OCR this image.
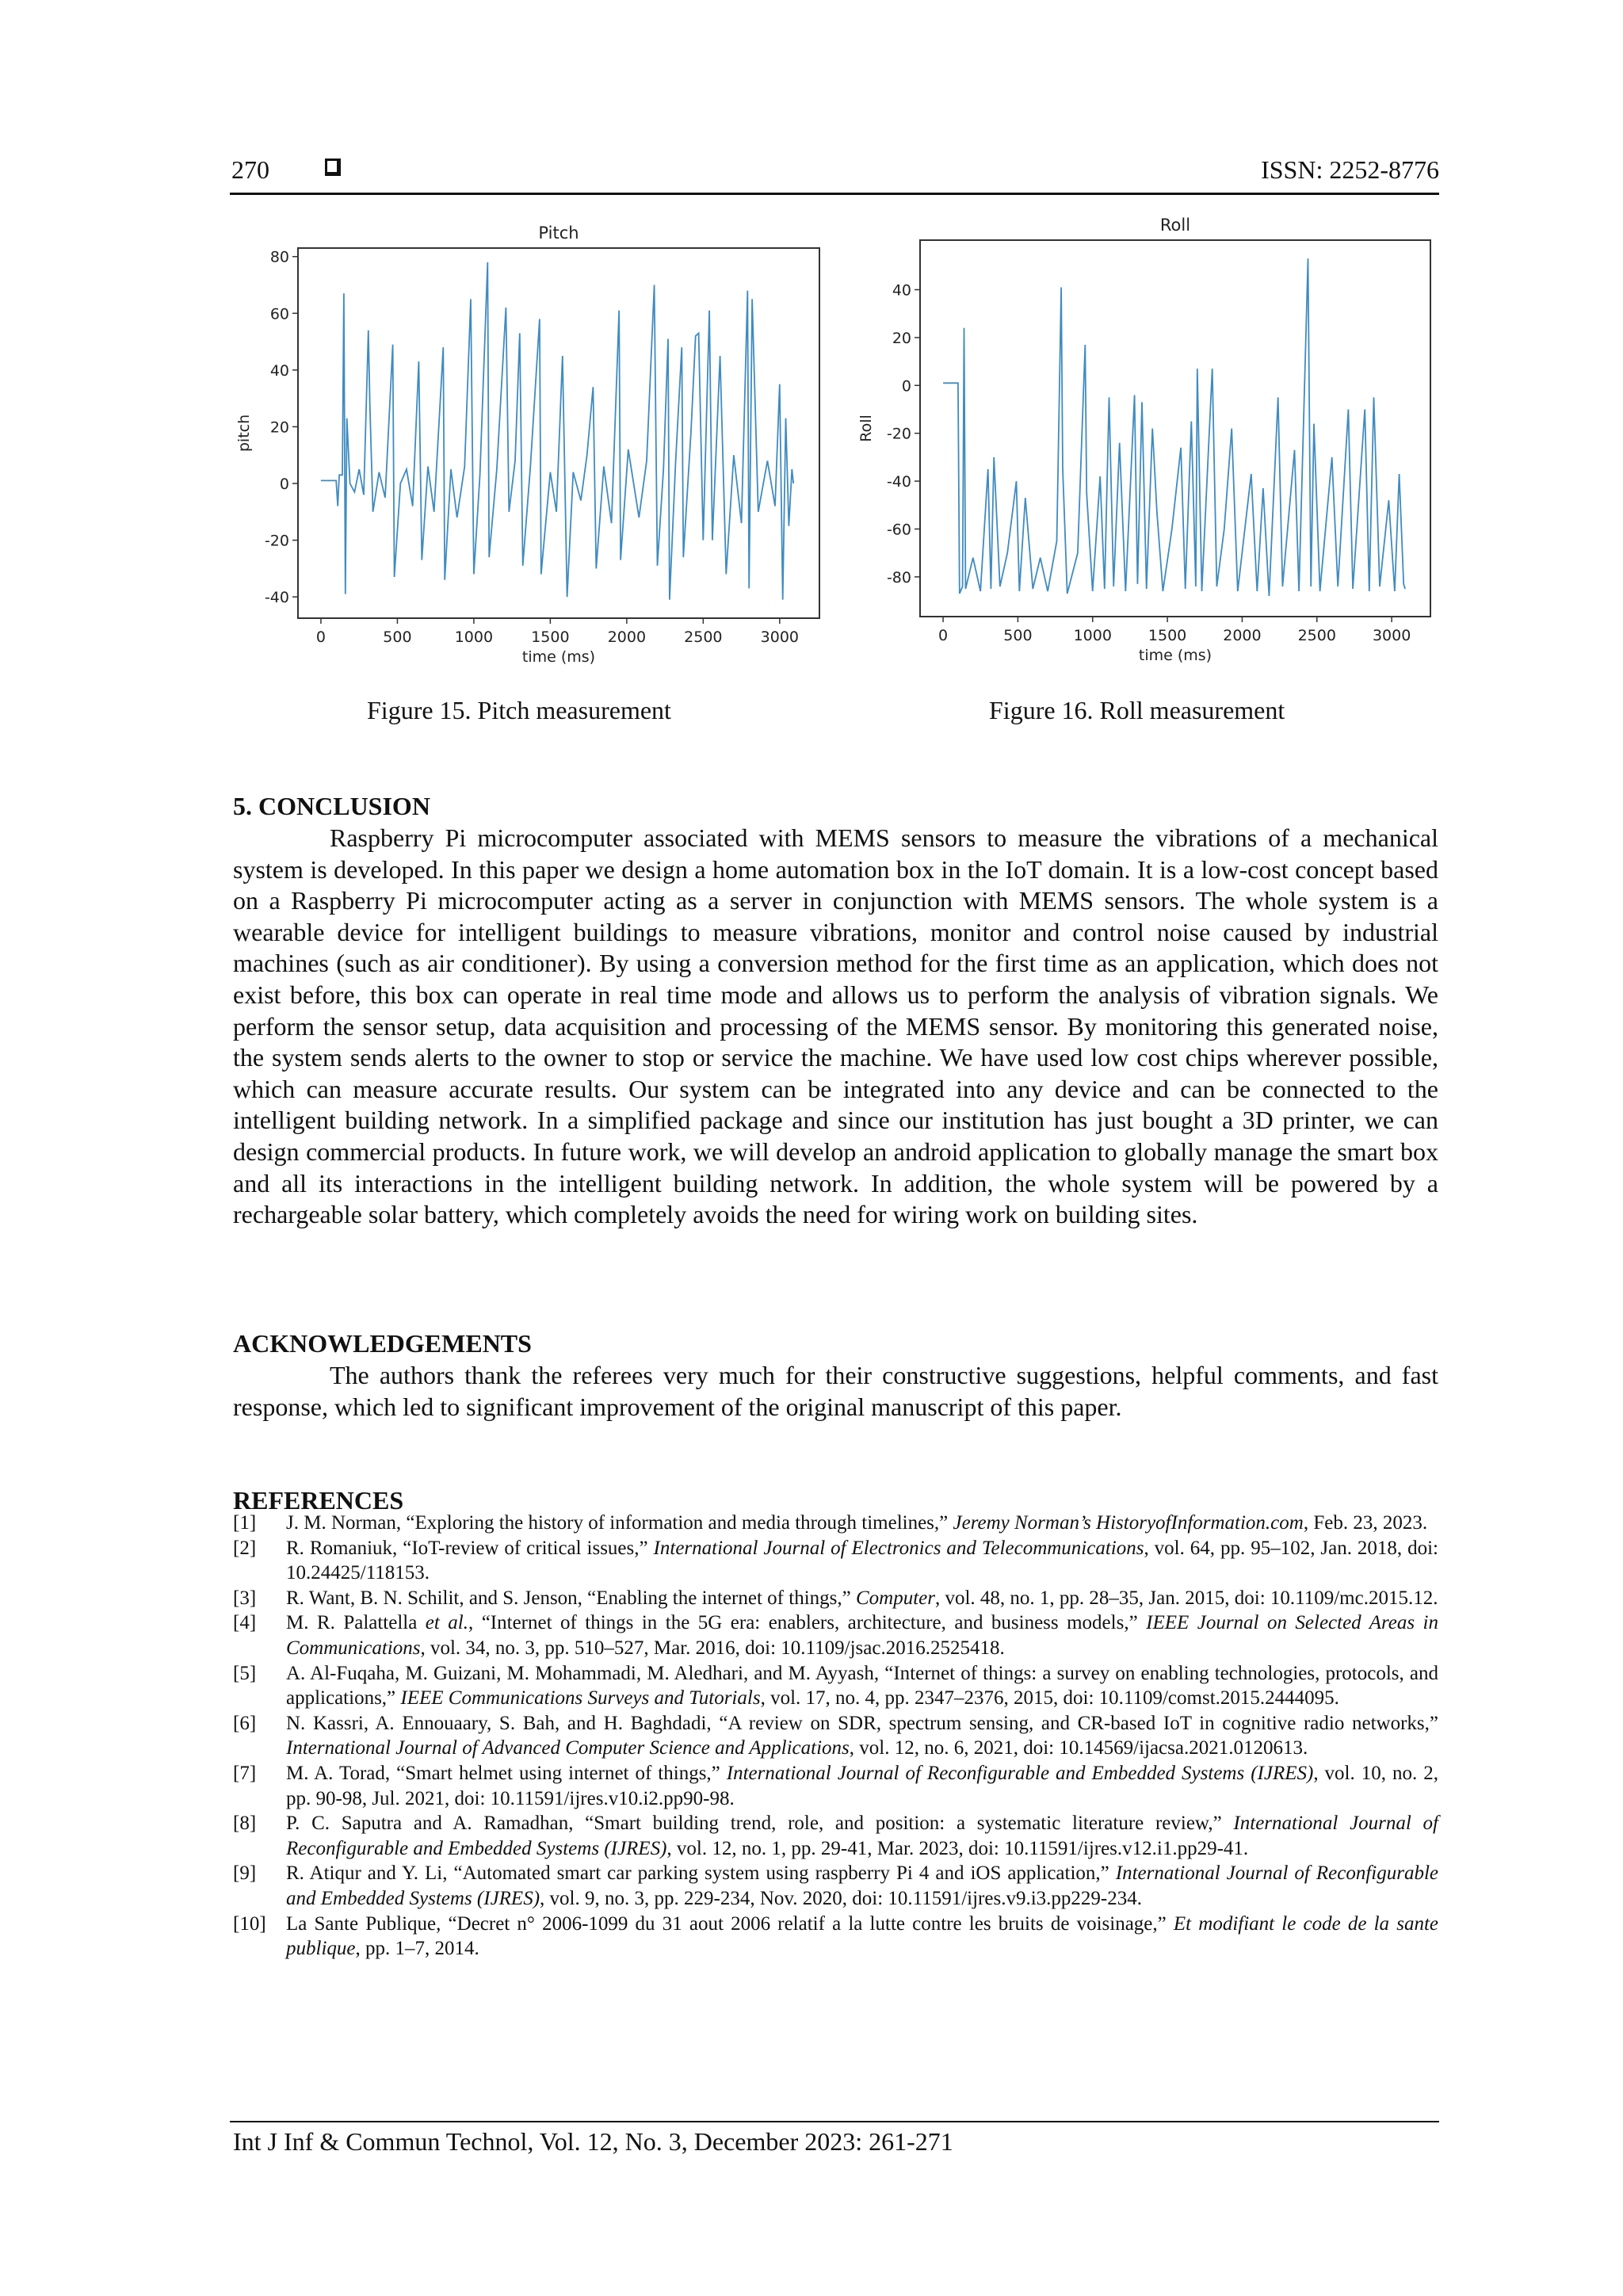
270	ISSN: 2252-8776
0	500	1000	1500	2000	2500	3000
-40
-20
0
20
40
60
80
Pitch
time (ms)
pitch
0	500	1000 1500 2000 2500 3000
-80
-60
-40
-20
0
20
40
Roll
time (ms)
Roll
Figure 15. Pitch measurement	Figure 16. Roll measurement
5. CONCLUSION
Raspberry Pi microcomputer associated with MEMS sensors to measure the vibrations of a mechanical system is developed. In this paper we design a home automation box in the IoT domain. It is a low-cost concept based on a Raspberry Pi microcomputer acting as a server in conjunction with MEMS sensors. The whole system is a wearable device for intelligent buildings to measure vibrations, monitor and control noise caused by industrial machines (such as air conditioner). By using a conversion method for the first time as an application, which does not exist before, this box can operate in real time mode and allows us to perform the analysis of vibration signals. We perform the sensor setup, data acquisition and processing of the MEMS sensor. By monitoring this generated noise, the system sends alerts to the owner to stop or service the machine. We have used low cost chips wherever possible, which can measure accurate results. Our system can be integrated into any device and can be connected to the intelligent building network. In a simplified package and since our institution has just bought a 3D printer, we can design commercial products. In future work, we will develop an android application to globally manage the smart box and all its interactions in the intelligent building network. In addition, the whole system will be powered by a rechargeable solar battery, which completely avoids the need for wiring work on building sites.
ACKNOWLEDGEMENTS
The authors thank the referees very much for their constructive suggestions, helpful comments, and fast response, which led to significant improvement of the original manuscript of this paper.
REFERENCES
[1]	J. M. Norman, “Exploring the history of information and media through timelines,” Jeremy Norman’s HistoryofInformation.com, Feb. 23, 2023.
[2]	R. Romaniuk, “IoT-review of critical issues,” International Journal of Electronics and Telecommunications, vol. 64, pp. 95–102, Jan. 2018, doi: 10.24425/118153.
[3]	R. Want, B. N. Schilit, and S. Jenson, “Enabling the internet of things,” Computer, vol. 48, no. 1, pp. 28–35, Jan. 2015, doi: 10.1109/mc.2015.12.
[4]	M. R. Palattella et al., “Internet of things in the 5G era: enablers, architecture, and business models,” IEEE Journal on Selected Areas in Communications, vol. 34, no. 3, pp. 510–527, Mar. 2016, doi: 10.1109/jsac.2016.2525418.
[5]	A. Al-Fuqaha, M. Guizani, M. Mohammadi, M. Aledhari, and M. Ayyash, “Internet of things: a survey on enabling technologies, protocols, and applications,” IEEE Communications Surveys and Tutorials, vol. 17, no. 4, pp. 2347–2376, 2015, doi: 10.1109/comst.2015.2444095.
[6]	N. Kassri, A. Ennouaary, S. Bah, and H. Baghdadi, “A review on SDR, spectrum sensing, and CR-based IoT in cognitive radio networks,” International Journal of Advanced Computer Science and Applications, vol. 12, no. 6, 2021, doi: 10.14569/ijacsa.2021.0120613.
[7]	M. A. Torad, “Smart helmet using internet of things,” International Journal of Reconfigurable and Embedded Systems (IJRES), vol. 10, no. 2, pp. 90-98, Jul. 2021, doi: 10.11591/ijres.v10.i2.pp90-98.
[8]	P. C. Saputra and A. Ramadhan, “Smart building trend, role, and position: a systematic literature review,” International Journal of Reconfigurable and Embedded Systems (IJRES), vol. 12, no. 1, pp. 29-41, Mar. 2023, doi: 10.11591/ijres.v12.i1.pp29-41.
[9]	R. Atiqur and Y. Li, “Automated smart car parking system using raspberry Pi 4 and iOS application,” International Journal of Reconfigurable and Embedded Systems (IJRES), vol. 9, no. 3, pp. 229-234, Nov. 2020, doi: 10.11591/ijres.v9.i3.pp229-234.
[10]	La Sante Publique, “Decret n° 2006-1099 du 31 aout 2006 relatif a la lutte contre les bruits de voisinage,” Et modifiant le code de la sante publique, pp. 1–7, 2014.
Int J Inf & Commun Technol, Vol. 12, No. 3, December 2023: 261-271
